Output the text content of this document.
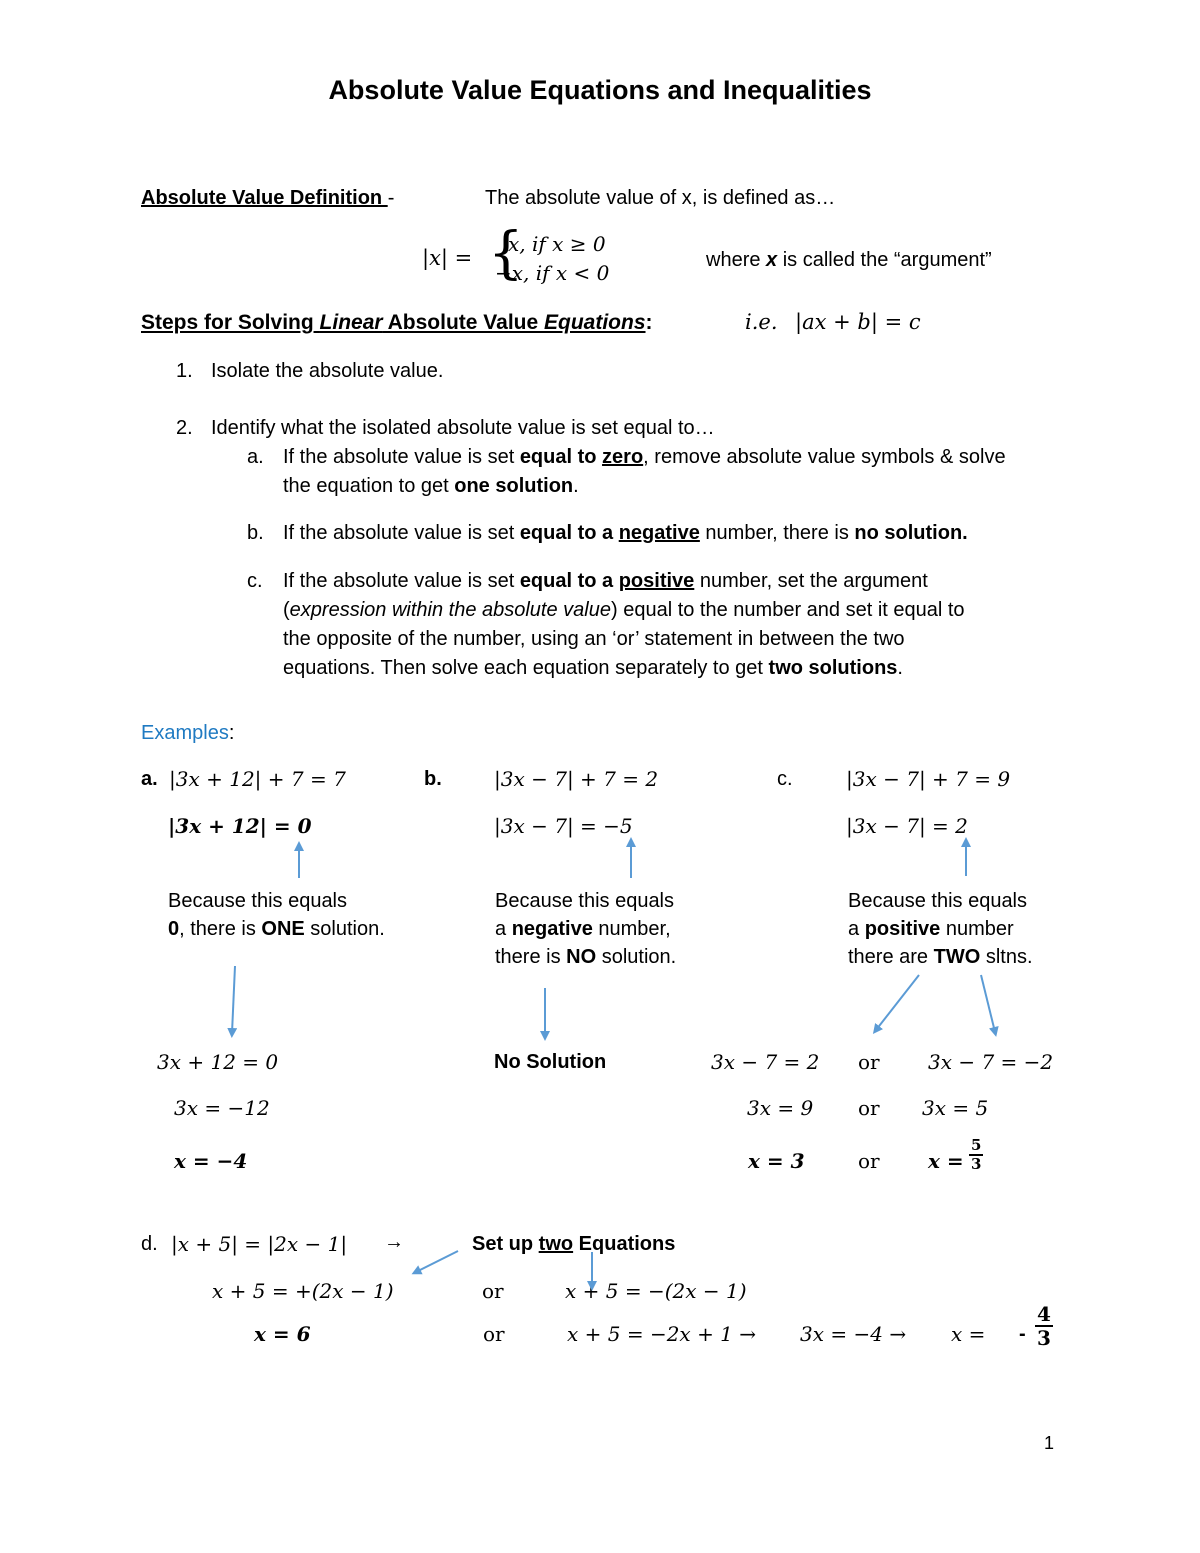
Absolute Value Equations and Inequalities
Absolute Value Definition -	The absolute value of x, is defined as…
|x| = {
x, if x ≥ 0
−x, if x < 0
where x is called the “argument”
Steps for Solving Linear Absolute Value Equations:	i.e. |ax + b| = c
1. Isolate the absolute value.
2. Identify what the isolated absolute value is set equal to…
a. If the absolute value is set equal to zero, remove absolute value symbols & solve
the equation to get one solution.
b. If the absolute value is set equal to a negative number, there is no solution.
c. If the absolute value is set equal to a positive number, set the argument
(expression within the absolute value) equal to the number and set it equal to
the opposite of the number, using an ‘or’ statement in between the two
equations. Then solve each equation separately to get two solutions.
Examples:
a. |3x + 12| + 7 = 7
|3x + 12| = 0
Because this equals
0, there is ONE solution.
3x + 12 = 0
3x = −12
x = −4
b.	|3x − 7| + 7 = 2
|3x − 7| = −5
Because this equals
a negative number,
there is NO solution.
No Solution
c.	|3x − 7| + 7 = 9
|3x − 7| = 2
Because this equals
a positive number
there are TWO sltns.
3x − 7 = 2 or 3x − 7 = −2
3x = 9 or 3x = 5
x = 3	or $x = \frac{5}{3}$
d. |x + 5| = |2x − 1| →	Set up two Equations
x + 5 = +(2x − 1)	or	x + 5 = −(2x − 1)
x = 6	or	x + 5 = −2x + 1 → 3x = −4 → x = - $\frac{4}{3}$
1
